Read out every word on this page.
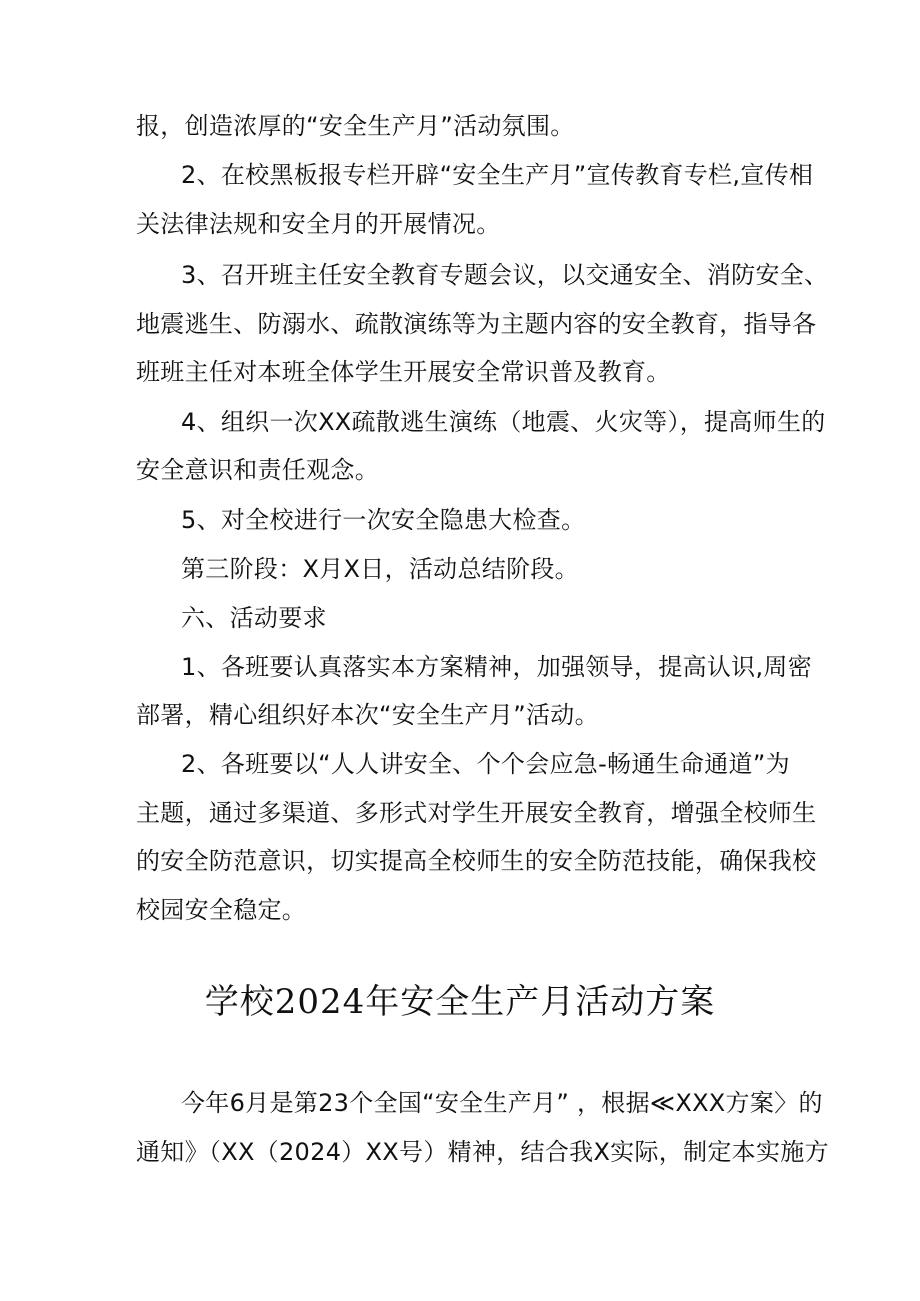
报，创造浓厚的“安全生产月”活动氛围。
2、在校黑板报专栏开辟“安全生产月”宣传教育专栏,宣传相
关法律法规和安全月的开展情况。
3、召开班主任安全教育专题会议，以交通安全、消防安全、
地震逃生、防溺水、疏散演练等为主题内容的安全教育，指导各
班班主任对本班全体学生开展安全常识普及教育。
4、组织一次XX疏散逃生演练（地震、火灾等），提高师生的
安全意识和责任观念。
5、对全校进行一次安全隐患大检查。
第三阶段：X月X日，活动总结阶段。
六、活动要求
1、各班要认真落实本方案精神，加强领导，提高认识,周密
部署，精心组织好本次“安全生产月”活动。
2、各班要以“人人讲安全、个个会应急-畅通生命通道”为
主题，通过多渠道、多形式对学生开展安全教育，增强全校师生
的安全防范意识，切实提高全校师生的安全防范技能，确保我校
校园安全稳定。
学校2024年安全生产月活动方案
今年6月是第23个全国“安全生产月” ，根据≪XXX方案〉的
通知》（XX（2024）XX号）精神，结合我X实际，制定本实施方
